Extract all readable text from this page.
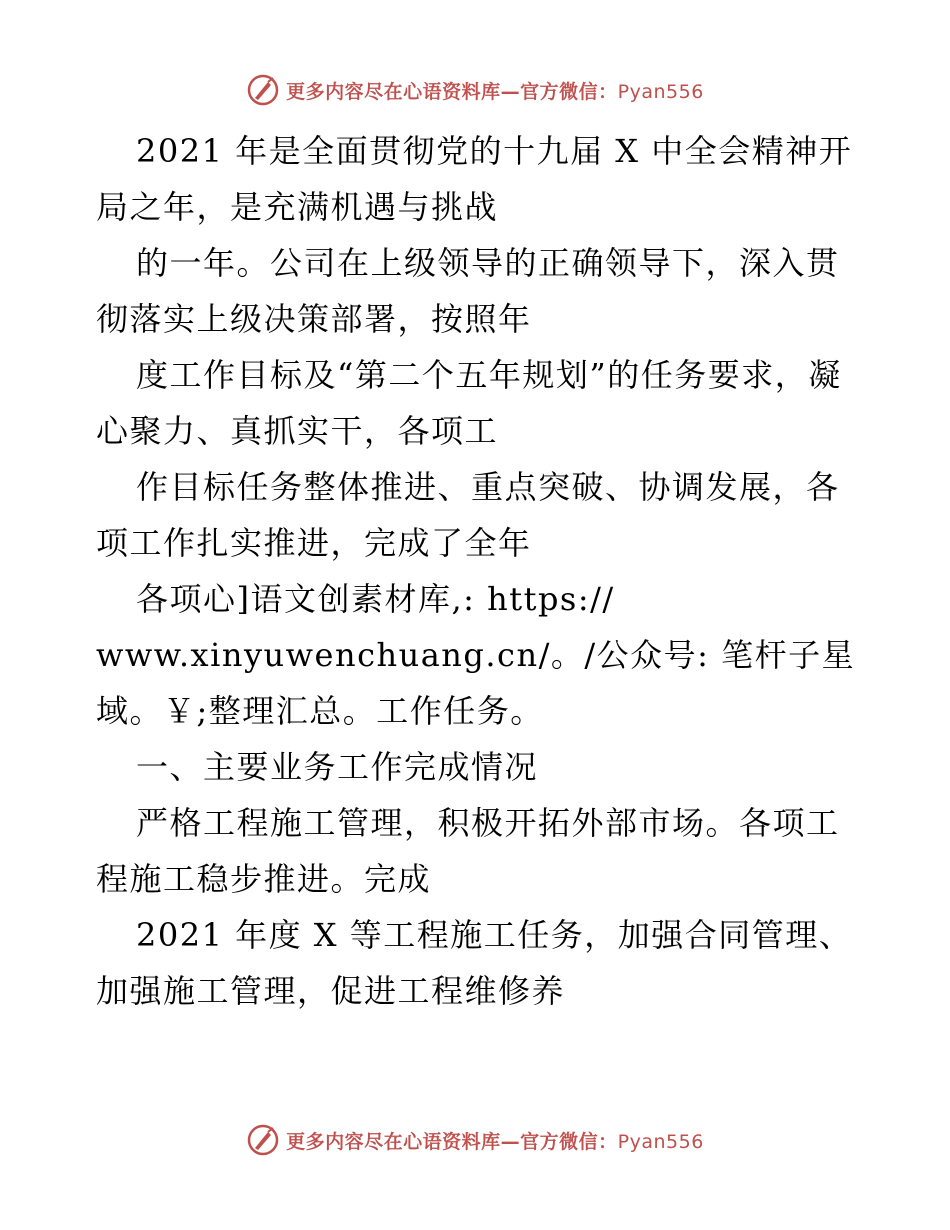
更多内容尽在心语资料库—官方微信：Pyan556

2021 年是全面贯彻党的十九届 X 中全会精神开局之年，是充满机遇与挑战

的一年。公司在上级领导的正确领导下，深入贯彻落实上级决策部署，按照年

度工作目标及“第二个五年规划”的任务要求，凝心聚力、真抓实干，各项工

作目标任务整体推进、重点突破、协调发展，各项工作扎实推进，完成了全年

各项心]语文创素材库,: https://

www.xinyuwenchuang.cn/。/公众号: 笔杆子星域。￥;整理汇总。工作任务。

一、主要业务工作完成情况

严格工程施工管理，积极开拓外部市场。各项工程施工稳步推进。完成

2021 年度 X 等工程施工任务，加强合同管理、加强施工管理，促进工程维修养

更多内容尽在心语资料库—官方微信：Pyan556
